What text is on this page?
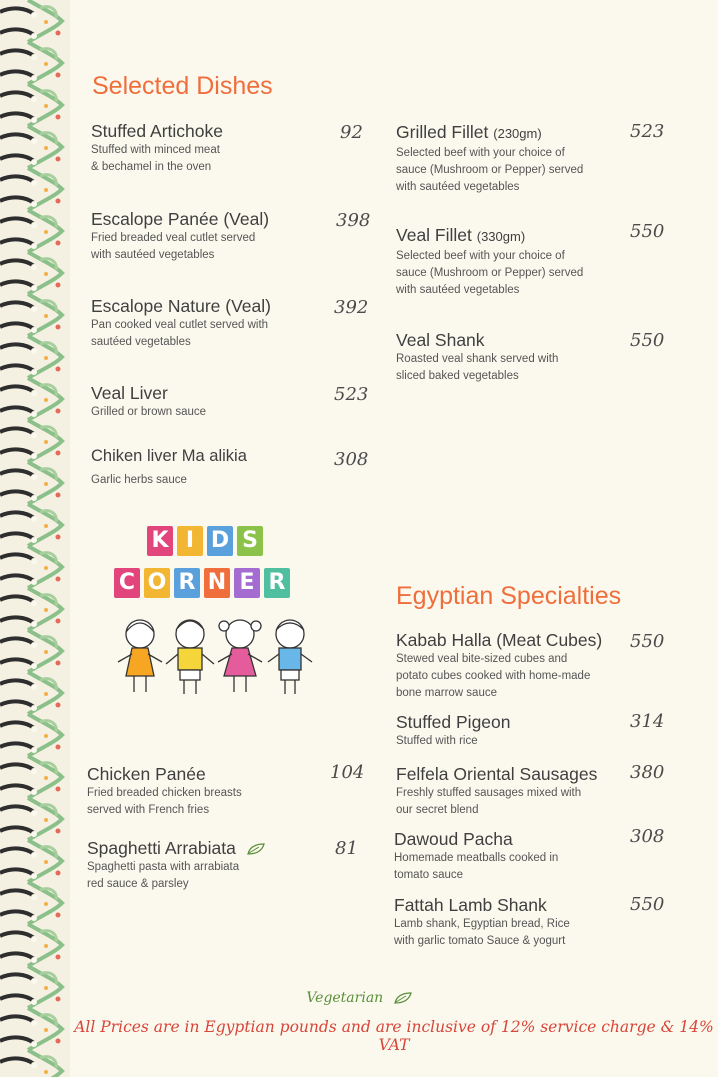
Selected Dishes
Stuffed Artichoke
Stuffed with minced meat
& bechamel in the oven
92
Escalope Panée (Veal)
Fried breaded veal cutlet served
with sautéed vegetables
398
Escalope Nature (Veal)
Pan cooked veal cutlet served with
sautéed vegetables
392
Veal Liver
Grilled or brown sauce
523
Chiken liver Ma alikia
Garlic herbs sauce
308
Grilled Fillet (230gm)
Selected beef with your choice of
sauce (Mushroom or Pepper) served
with sautéed vegetables
523
Veal Fillet (330gm)
Selected beef with your choice of
sauce (Mushroom or Pepper) served
with sautéed vegetables
550
Veal Shank
Roasted veal shank served with
sliced baked vegetables
550
K I D S
C O R N E R
Chicken Panée
Fried breaded chicken breasts
served with French fries
104
Spaghetti Arrabiata
Spaghetti pasta with arrabiata
red sauce & parsley
81
Egyptian Specialties
Kabab Halla (Meat Cubes)
Stewed veal bite-sized cubes and
potato cubes cooked with home-made
bone marrow sauce
550
Stuffed Pigeon
Stuffed with rice
314
Felfela Oriental Sausages
Freshly stuffed sausages mixed with
our secret blend
380
Dawoud Pacha
Homemade meatballs cooked in
tomato sauce
308
Fattah Lamb Shank
Lamb shank, Egyptian bread, Rice
with garlic tomato Sauce & yogurt
550
Vegetarian
All Prices are in Egyptian pounds and are inclusive of 12% service charge & 14% VAT
